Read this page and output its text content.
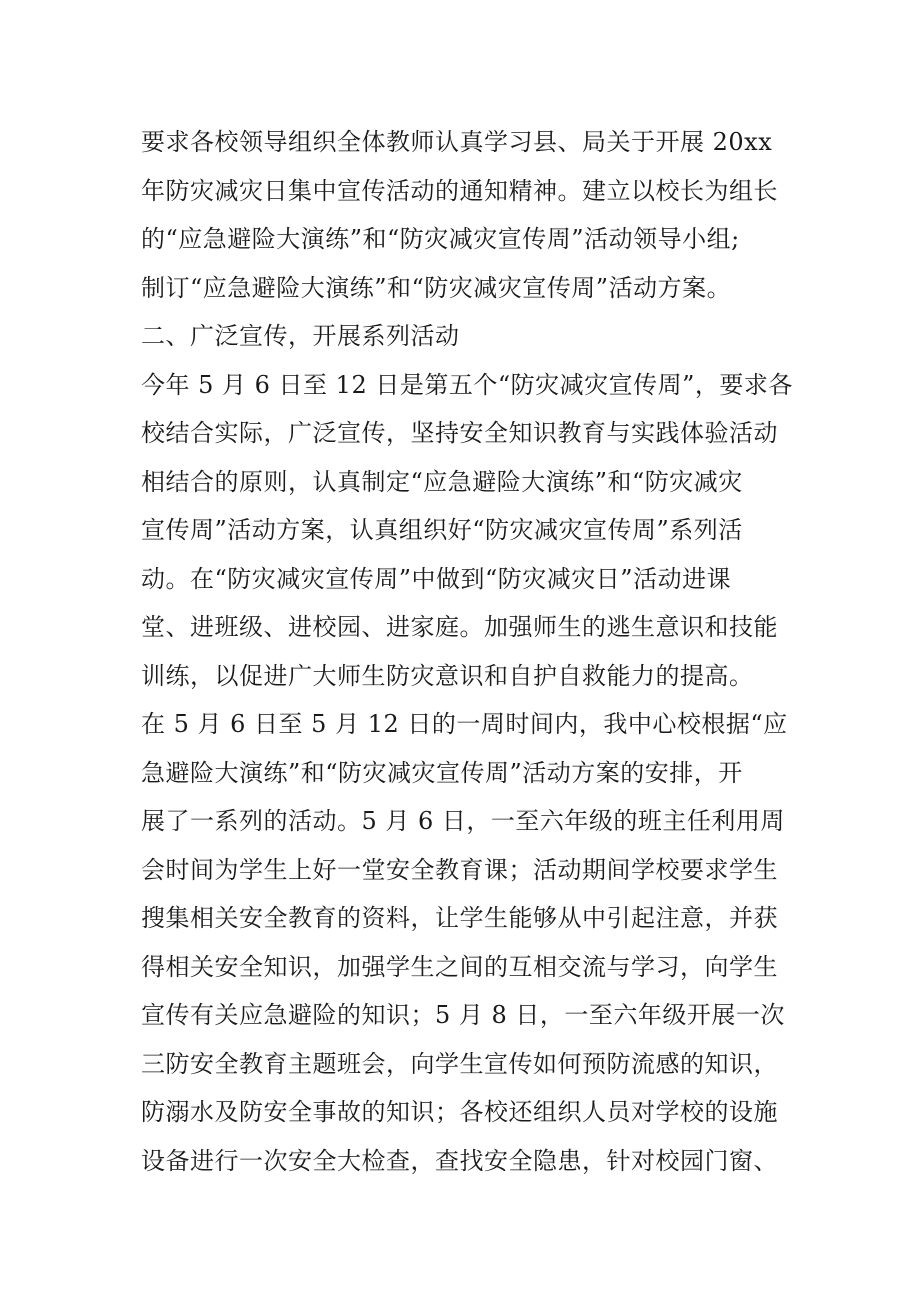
要求各校领导组织全体教师认真学习县、局关于开展 20xx
年防灾减灾日集中宣传活动的通知精神。建立以校长为组长
的“应急避险大演练”和“防灾减灾宣传周”活动领导小组;
制订“应急避险大演练”和“防灾减灾宣传周”活动方案。
二、广泛宣传，开展系列活动
今年 5 月 6 日至 12 日是第五个“防灾减灾宣传周”，要求各
校结合实际，广泛宣传，坚持安全知识教育与实践体验活动
相结合的原则，认真制定“应急避险大演练”和“防灾减灾
宣传周”活动方案，认真组织好“防灾减灾宣传周”系列活
动。在“防灾减灾宣传周”中做到“防灾减灾日”活动进课
堂、进班级、进校园、进家庭。加强师生的逃生意识和技能
训练，以促进广大师生防灾意识和自护自救能力的提高。
在 5 月 6 日至 5 月 12 日的一周时间内，我中心校根据“应
急避险大演练”和“防灾减灾宣传周”活动方案的安排，开
展了一系列的活动。5 月 6 日，一至六年级的班主任利用周
会时间为学生上好一堂安全教育课；活动期间学校要求学生
搜集相关安全教育的资料，让学生能够从中引起注意，并获
得相关安全知识，加强学生之间的互相交流与学习，向学生
宣传有关应急避险的知识；5 月 8 日，一至六年级开展一次
三防安全教育主题班会，向学生宣传如何预防流感的知识，
防溺水及防安全事故的知识；各校还组织人员对学校的设施
设备进行一次安全大检查，查找安全隐患，针对校园门窗、
